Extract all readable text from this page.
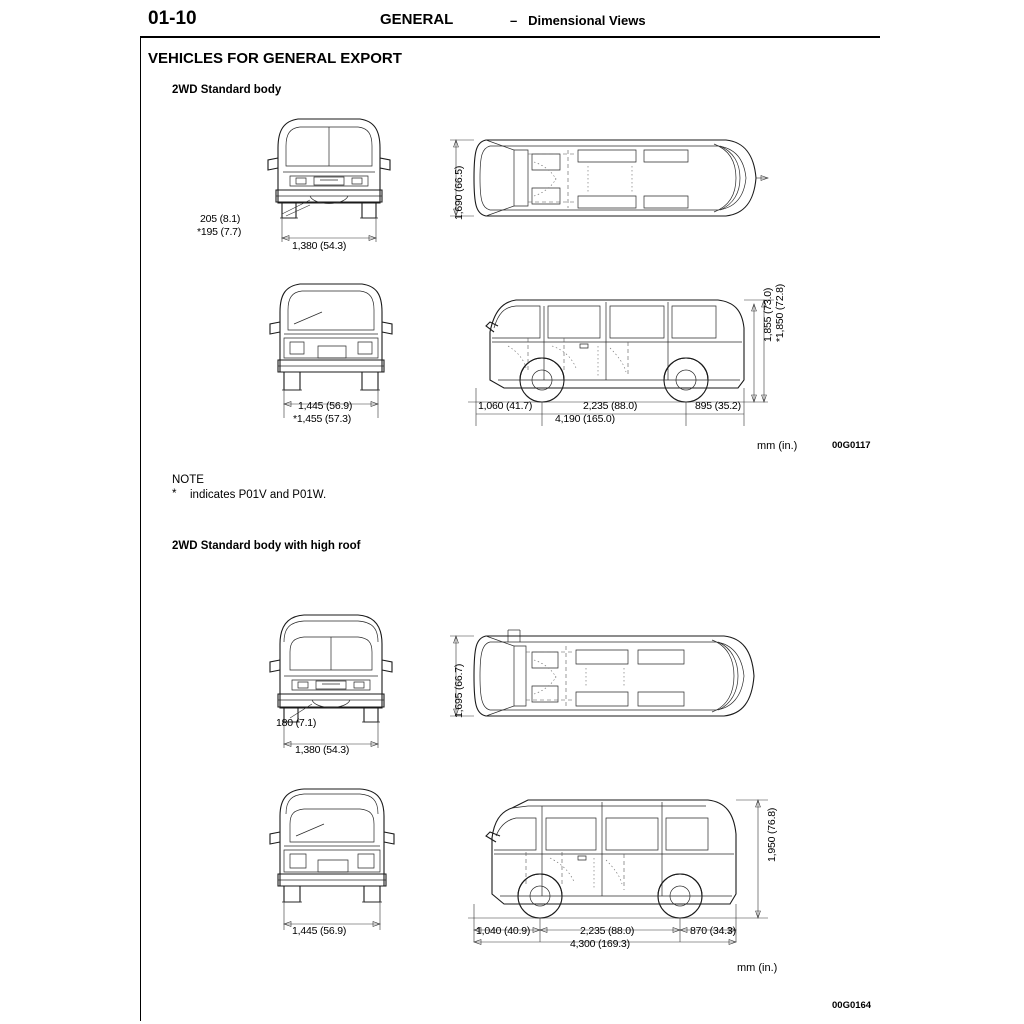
01-10	GENERAL	– Dimensional Views
VEHICLES FOR GENERAL EXPORT
2WD Standard body
2WD Standard body with high roof
NOTE
* indicates P01V and P01W.
mm (in.)	00G0117
mm (in.)
00G0164
205 (8.1)
*195 (7.7)
1,380 (54.3)
1,690 (66.5)
1,445 (56.9)
*1,455 (57.3)
1,855 (73.0) *1,850 (72.8)
1,060 (41.7)	2,235 (88.0)	895 (35.2)
4,190 (165.0)
180 (7.1)
1,380 (54.3)
1,695 (66.7)
1,445 (56.9)
1,950 (76.8)
1,040 (40.9)	2,235 (88.0)	870 (34.3)
4,300 (169.3)
